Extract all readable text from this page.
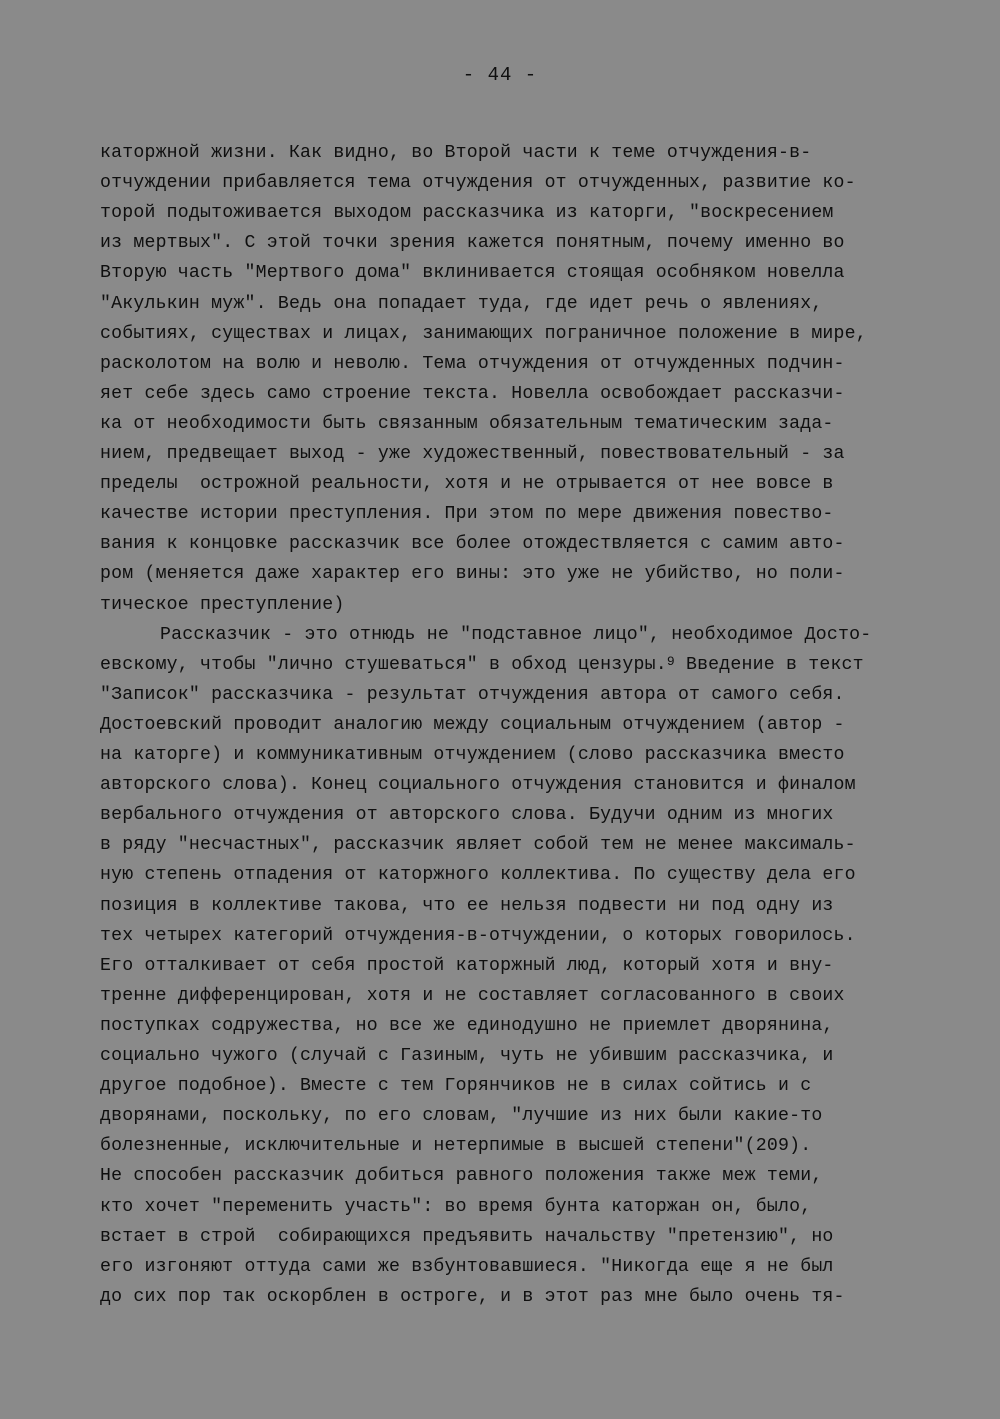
- 44 -
каторжной жизни. Как видно, во Второй части к теме отчуждения-в-
отчуждении прибавляется тема отчуждения от отчужденных, развитие ко-
торой подытоживается выходом рассказчика из каторги, "воскресением
из мертвых". С этой точки зрения кажется понятным, почему именно во
Вторую часть "Мертвого дома" вклинивается стоящая особняком новелла
"Акулькин муж". Ведь она попадает туда, где идет речь о явлениях,
событиях, существах и лицах, занимающих пограничное положение в мире,
расколотом на волю и неволю. Тема отчуждения от отчужденных подчин-
яет себе здесь само строение текста. Новелла освобождает рассказчи-
ка от необходимости быть связанным обязательным тематическим зада-
нием, предвещает выход - уже художественный, повествовательный - за
пределы  острожной реальности, хотя и не отрывается от нее вовсе в
качестве истории преступления. При этом по мере движения повество-
вания к концовке рассказчик все более отождествляется с самим авто-
ром (меняется даже характер его вины: это уже не убийство, но поли-
тическое преступление)
Рассказчик - это отнюдь не "подставное лицо", необходимое Досто-
евскому, чтобы "лично стушеваться" в обход цензуры.$^9$ Введение в текст
"Записок" рассказчика - результат отчуждения автора от самого себя.
Достоевский проводит аналогию между социальным отчуждением (автор -
на каторге) и коммуникативным отчуждением (слово рассказчика вместо
авторского слова). Конец социального отчуждения становится и финалом
вербального отчуждения от авторского слова. Будучи одним из многих
в ряду "несчастных", рассказчик являет собой тем не менее максималь-
ную степень отпадения от каторжного коллектива. По существу дела его
позиция в коллективе такова, что ее нельзя подвести ни под одну из
тех четырех категорий отчуждения-в-отчуждении, о которых говорилось.
Его отталкивает от себя простой каторжный люд, который хотя и вну-
тренне дифференцирован, хотя и не составляет согласованного в своих
поступках содружества, но все же единодушно не приемлет дворянина,
социально чужого (случай с Газиным, чуть не убившим рассказчика, и
другое подобное). Вместе с тем Горянчиков не в силах сойтись и с
дворянами, поскольку, по его словам, "лучшие из них были какие-то
болезненные, исключительные и нетерпимые в высшей степени"(209).
Не способен рассказчик добиться равного положения также меж теми,
кто хочет "переменить участь": во время бунта каторжан он, было,
встает в строй  собирающихся предъявить начальству "претензию", но
его изгоняют оттуда сами же взбунтовавшиеся. "Никогда еще я не был
до сих пор так оскорблен в остроге, и в этот раз мне было очень тя-
